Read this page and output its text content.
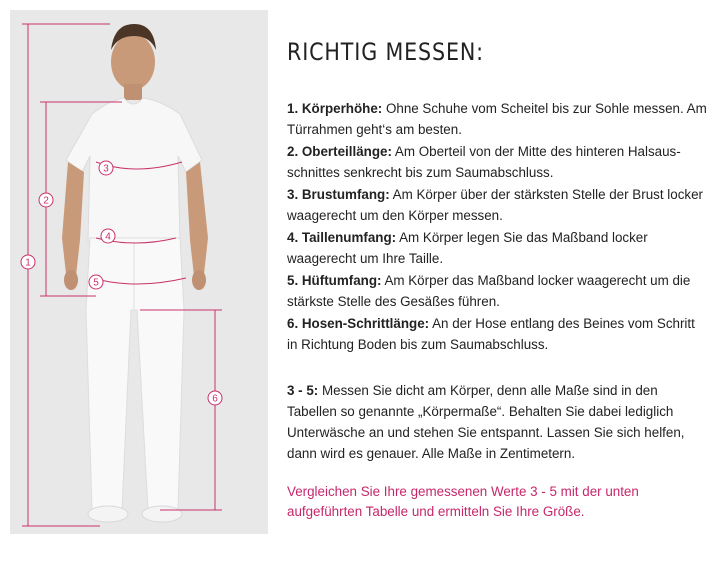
1
2
3
4
5
6
RICHTIG MESSEN:

1. Körperhöhe: Ohne Schuhe vom Scheitel bis zur Sohle messen. Am Türrahmen geht‘s am besten.

2. Oberteillänge: Am Oberteil von der Mitte des hinteren Halsaus-schnittes senkrecht bis zum Saumabschluss.

3. Brustumfang: Am Körper über der stärksten Stelle der Brust locker waagerecht um den Körper messen.

4. Taillenumfang: Am Körper legen Sie das Maßband locker waagerecht um Ihre Taille.

5. Hüftumfang: Am Körper das Maßband locker waagerecht um die stärkste Stelle des Gesäßes führen.

6. Hosen-Schrittlänge: An der Hose entlang des Beines vom Schritt in Richtung Boden bis zum Saumabschluss.

3 - 5: Messen Sie dicht am Körper, denn alle Maße sind in den Tabellen so genannte „Körpermaße“. Behalten Sie dabei lediglich Unterwäsche an und stehen Sie entspannt. Lassen Sie sich helfen, dann wird es genauer. Alle Maße in Zentimetern.

Vergleichen Sie Ihre gemessenen Werte 3 - 5 mit der unten aufgeführten Tabelle und ermitteln Sie Ihre Größe.
